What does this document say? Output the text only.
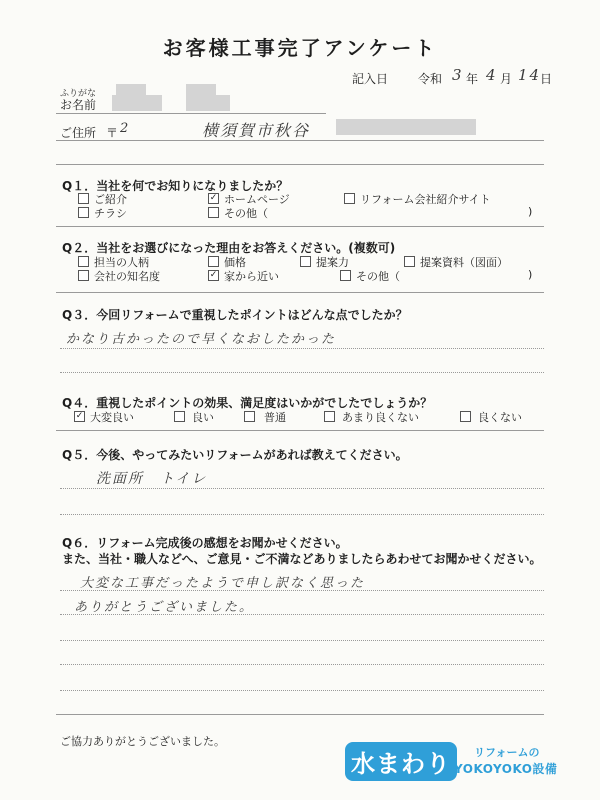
お客様工事完了アンケート
記入日 令和 3 年 4 月 14
日
ふりがな
お名前
ご住所 〒 2	横須賀市秋谷
Q１．当社を何でお知りになりましたか？
ご紹介	✓ ホームページ	リフォーム会社紹介サイト
チラシ	その他（	)
Q２．当社をお選びになった理由をお答えください。(複数可)
担当の人柄	価格	提案力	提案資料（図面）
会社の知名度	✓ 家から近い	その他（	)
Q３．今回リフォームで重視したポイントはどんな点でしたか？
かなり古かったので早くなおしたかった
Q４．重視したポイントの効果、満足度はいかがでしたでしょうか？
✓ 大変良い	良い	普通	あまり良くない	良くない
Q５．今後、やってみたいリフォームがあれば教えてください。
洗面所　トイレ
Q６．リフォーム完成後の感想をお聞かせください。
また、当社・職人などへ、ご意見・ご不満などありましたらあわせてお聞かせください。
大変な工事だったようで申し訳なく思った
ありがとうございました。
ご協力ありがとうございました。
水まわり	リフォームの
YOKOYOKO設備
